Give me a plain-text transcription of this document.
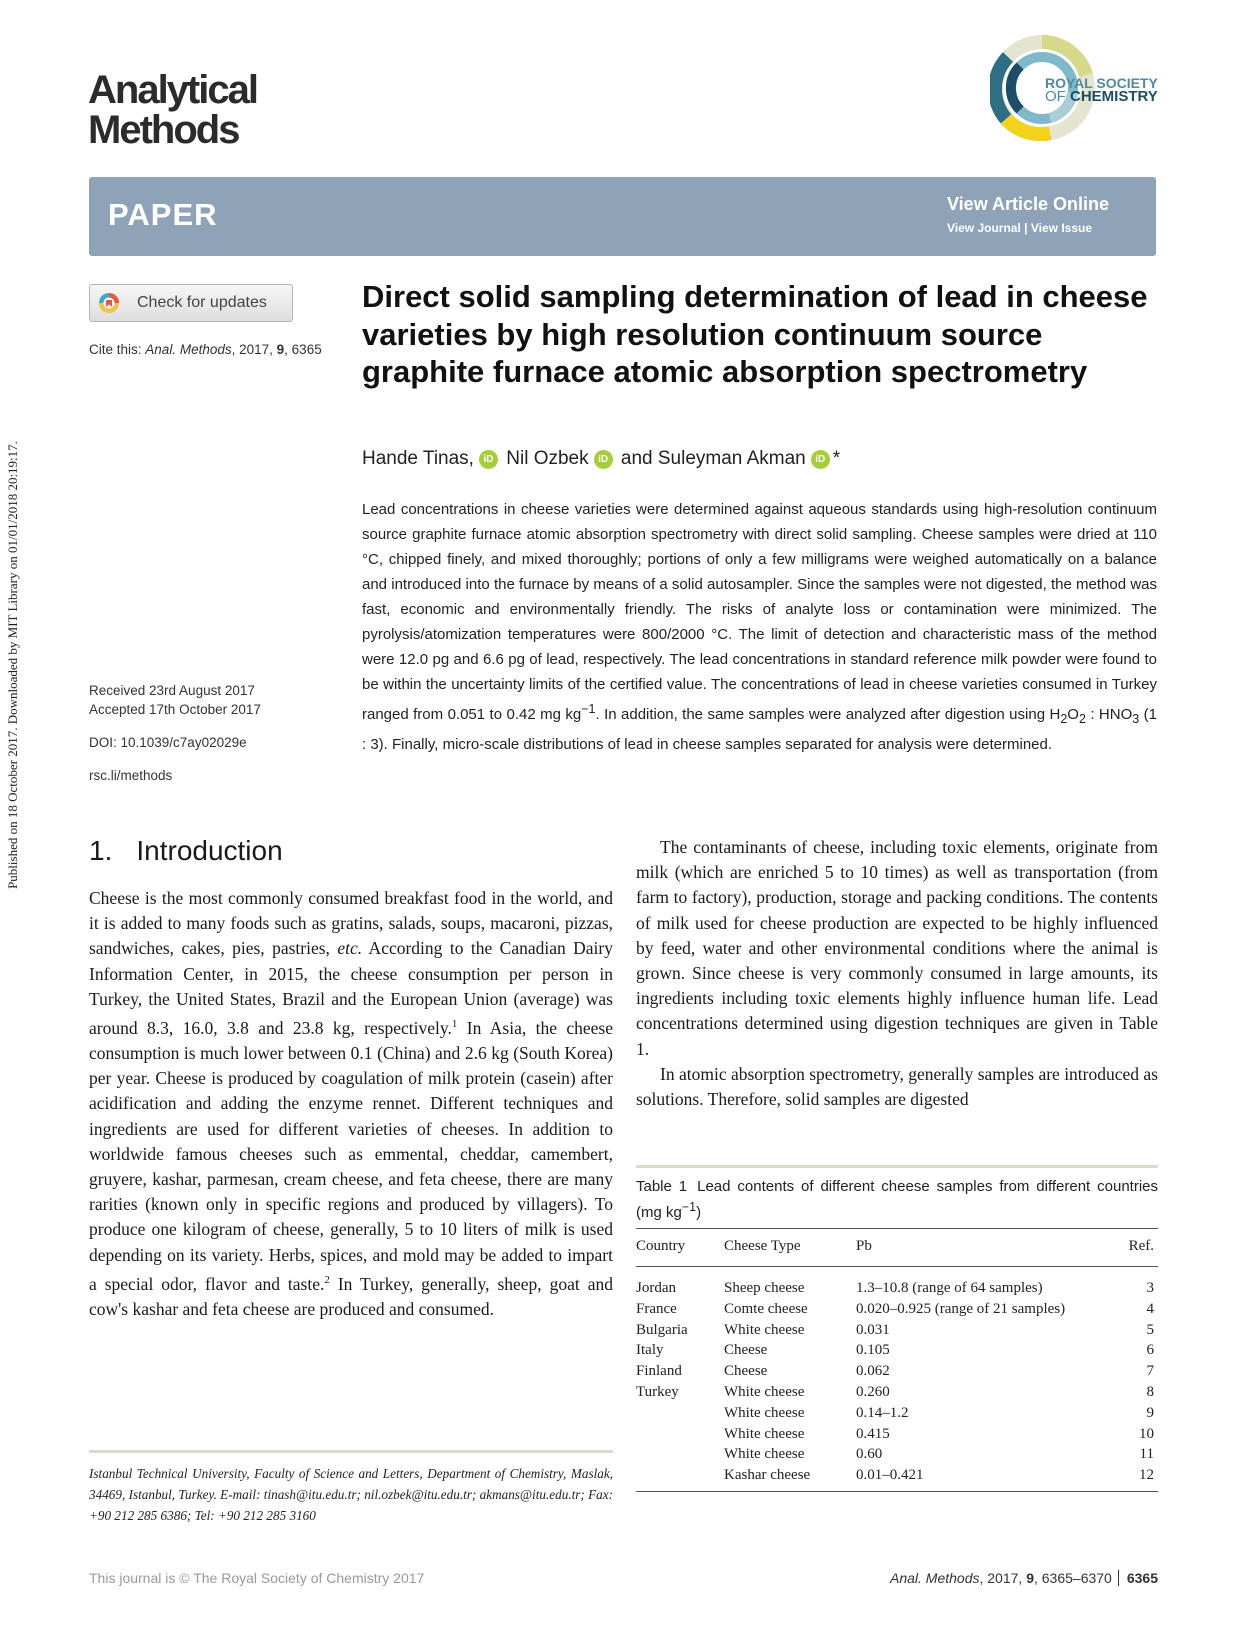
Published on 18 October 2017. Downloaded by MIT Library on 01/01/2018 20:19:17.
Analytical
Methods
ROYAL SOCIETY
OF CHEMISTRY
PAPER	View Article Online
View Journal | View Issue
Check for updates
Cite this: Anal. Methods, 2017, 9, 6365
Received 23rd August 2017
Accepted 17th October 2017
DOI: 10.1039/c7ay02029e
rsc.li/methods
Direct solid sampling determination of lead in cheese varieties by high resolution continuum source graphite furnace atomic absorption spectrometry
Hande Tinas, iD Nil Ozbek iD and Suleyman Akman iD *
Lead concentrations in cheese varieties were determined against aqueous standards using high-resolution continuum source graphite furnace atomic absorption spectrometry with direct solid sampling. Cheese samples were dried at 110 °C, chipped finely, and mixed thoroughly; portions of only a few milligrams were weighed automatically on a balance and introduced into the furnace by means of a solid autosampler. Since the samples were not digested, the method was fast, economic and environmentally friendly. The risks of analyte loss or contamination were minimized. The pyrolysis/atomization temperatures were 800/2000 °C. The limit of detection and characteristic mass of the method were 12.0 pg and 6.6 pg of lead, respectively. The lead concentrations in standard reference milk powder were found to be within the uncertainty limits of the certified value. The concentrations of lead in cheese varieties consumed in Turkey ranged from 0.051 to 0.42 mg $kg^{-1}$. In addition, the same samples were analyzed after digestion using $H_2O_2$ : $HNO_3$ (1 : 3). Finally, micro-scale distributions of lead in cheese samples separated for analysis were determined.
1. Introduction

Cheese is the most commonly consumed breakfast food in the world, and it is added to many foods such as gratins, salads, soups, macaroni, pizzas, sandwiches, cakes, pies, pastries, etc. According to the Canadian Dairy Information Center, in 2015, the cheese consumption per person in Turkey, the United States, Brazil and the European Union (average) was around 8.3, 16.0, 3.8 and 23.8 kg, respectively.$^1$ In Asia, the cheese consumption is much lower between 0.1 (China) and 2.6 kg (South Korea) per year. Cheese is produced by coagulation of milk protein (casein) after acidification and adding the enzyme rennet. Different techniques and ingredients are used for different varieties of cheeses. In addition to worldwide famous cheeses such as emmental, cheddar, camembert, gruyere, kashar, parmesan, cream cheese, and feta cheese, there are many rarities (known only in specific regions and produced by villagers). To produce one kilogram of cheese, generally, 5 to 10 liters of milk is used depending on its variety. Herbs, spices, and mold may be added to impart a special odor, flavor and taste.$^2$ In Turkey, generally, sheep, goat and cow's kashar and feta cheese are produced and consumed.

The contaminants of cheese, including toxic elements, originate from milk (which are enriched 5 to 10 times) as well as transportation (from farm to factory), production, storage and packing conditions. The contents of milk used for cheese production are expected to be highly influenced by feed, water and other environmental conditions where the animal is grown. Since cheese is very commonly consumed in large amounts, its ingredients including toxic elements highly influence human life. Lead concentrations determined using digestion techniques are given in Table 1.

In atomic absorption spectrometry, generally samples are introduced as solutions. Therefore, solid samples are digested

Istanbul Technical University, Faculty of Science and Letters, Department of Chemistry, Maslak, 34469, Istanbul, Turkey. E-mail: tinash@itu.edu.tr; nil.ozbek@itu.edu.tr; akmans@itu.edu.tr; Fax: +90 212 285 6386; Tel: +90 212 285 3160
Table 1 Lead contents of different cheese samples from different countries (mg $kg^{-1}$)
Country	Cheese Type	Pb	Ref.

Jordan	Sheep cheese	1.3–10.8 (range of 64 samples)	3
France	Comte cheese	0.020–0.925 (range of 21 samples)	4
Bulgaria	White cheese	0.031	5
Italy	Cheese	0.105	6
Finland	Cheese	0.062	7
Turkey	White cheese	0.260	8
	White cheese	0.14–1.2	9
	White cheese	0.415	10
	White cheese	0.60	11
	Kashar cheese	0.01–0.421	12
This journal is © The Royal Society of Chemistry 2017	Anal. Methods, 2017, 9, 6365–6370 6365
